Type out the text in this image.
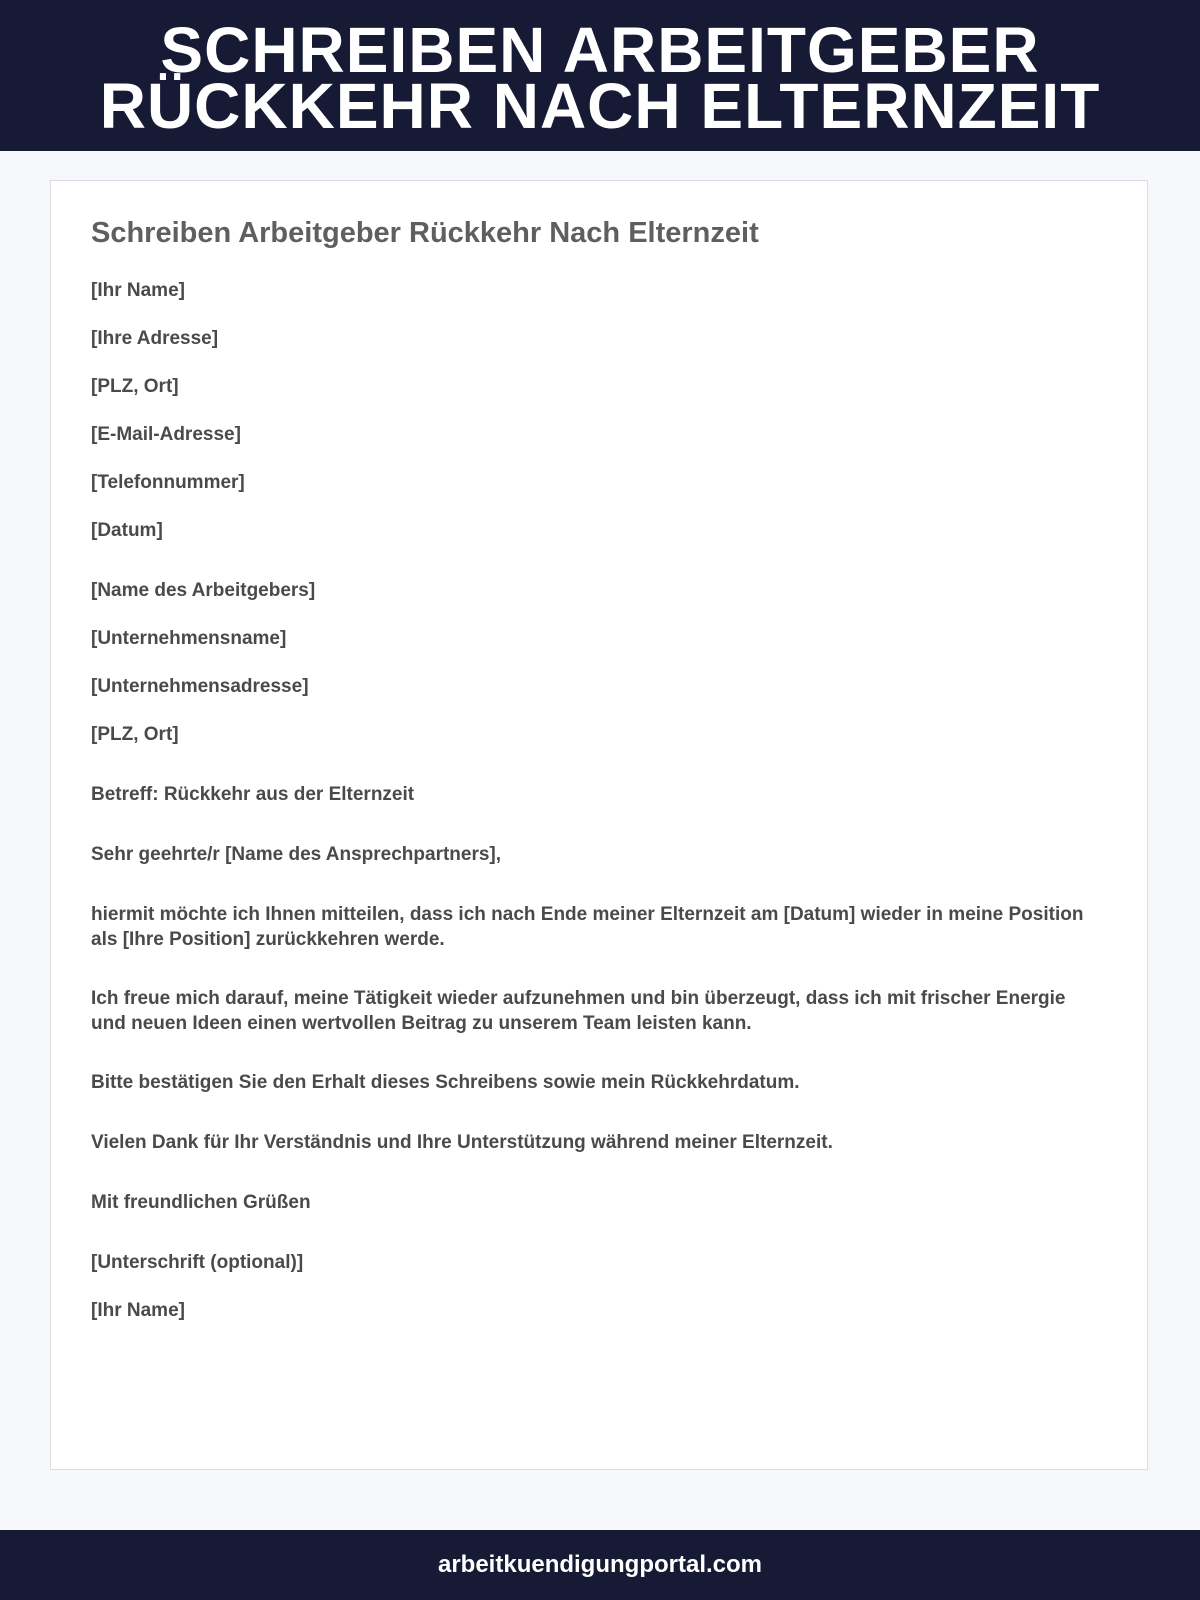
SCHREIBEN ARBEITGEBER
RÜCKKEHR NACH ELTERNZEIT
Schreiben Arbeitgeber Rückkehr Nach Elternzeit

[Ihr Name]

[Ihre Adresse]

[PLZ, Ort]

[E-Mail-Adresse]

[Telefonnummer]

[Datum]

[Name des Arbeitgebers]

[Unternehmensname]

[Unternehmensadresse]

[PLZ, Ort]

Betreff: Rückkehr aus der Elternzeit

Sehr geehrte/r [Name des Ansprechpartners],

hiermit möchte ich Ihnen mitteilen, dass ich nach Ende meiner Elternzeit am [Datum] wieder in meine Position als [Ihre Position] zurückkehren werde.

Ich freue mich darauf, meine Tätigkeit wieder aufzunehmen und bin überzeugt, dass ich mit frischer Energie und neuen Ideen einen wertvollen Beitrag zu unserem Team leisten kann.

Bitte bestätigen Sie den Erhalt dieses Schreibens sowie mein Rückkehrdatum.

Vielen Dank für Ihr Verständnis und Ihre Unterstützung während meiner Elternzeit.

Mit freundlichen Grüßen

[Unterschrift (optional)]

[Ihr Name]

arbeitkuendigungportal.com
